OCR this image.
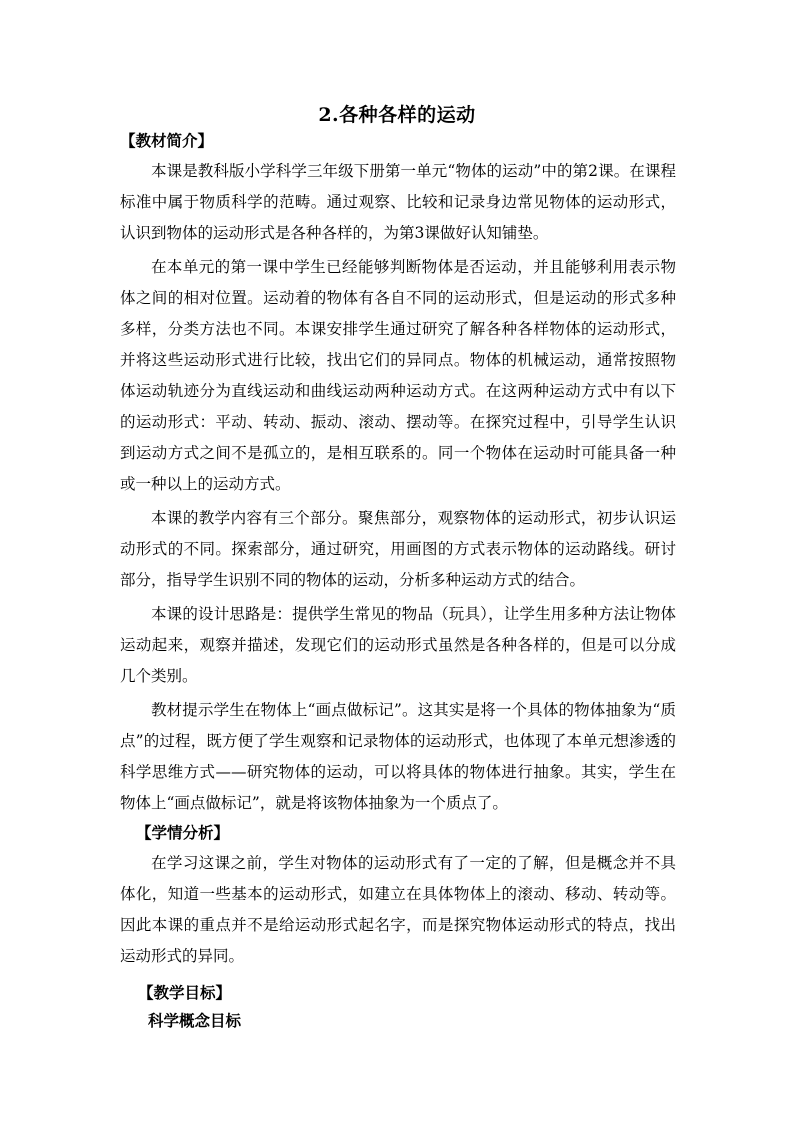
2.各种各样的运动
【教材简介】

本课是教科版小学科学三年级下册第一单元“物体的运动”中的第2课。在课程标准中属于物质科学的范畴。通过观察、比较和记录身边常见物体的运动形式，认识到物体的运动形式是各种各样的，为第3课做好认知铺垫。

在本单元的第一课中学生已经能够判断物体是否运动，并且能够利用表示物体之间的相对位置。运动着的物体有各自不同的运动形式，但是运动的形式多种多样，分类方法也不同。本课安排学生通过研究了解各种各样物体的运动形式，并将这些运动形式进行比较，找出它们的异同点。物体的机械运动，通常按照物体运动轨迹分为直线运动和曲线运动两种运动方式。在这两种运动方式中有以下的运动形式：平动、转动、振动、滚动、摆动等。在探究过程中，引导学生认识到运动方式之间不是孤立的，是相互联系的。同一个物体在运动时可能具备一种或一种以上的运动方式。

本课的教学内容有三个部分。聚焦部分，观察物体的运动形式，初步认识运动形式的不同。探索部分，通过研究，用画图的方式表示物体的运动路线。研讨部分，指导学生识别不同的物体的运动，分析多种运动方式的结合。

本课的设计思路是：提供学生常见的物品（玩具），让学生用多种方法让物体运动起来，观察并描述，发现它们的运动形式虽然是各种各样的，但是可以分成几个类别。

教材提示学生在物体上“画点做标记”。这其实是将一个具体的物体抽象为“质点”的过程，既方便了学生观察和记录物体的运动形式，也体现了本单元想渗透的科学思维方式——研究物体的运动，可以将具体的物体进行抽象。其实，学生在物体上“画点做标记”，就是将该物体抽象为一个质点了。

【学情分析】

在学习这课之前，学生对物体的运动形式有了一定的了解，但是概念并不具体化，知道一些基本的运动形式，如建立在具体物体上的滚动、移动、转动等。因此本课的重点并不是给运动形式起名字，而是探究物体运动形式的特点，找出运动形式的异同。

【教学目标】
科学概念目标
